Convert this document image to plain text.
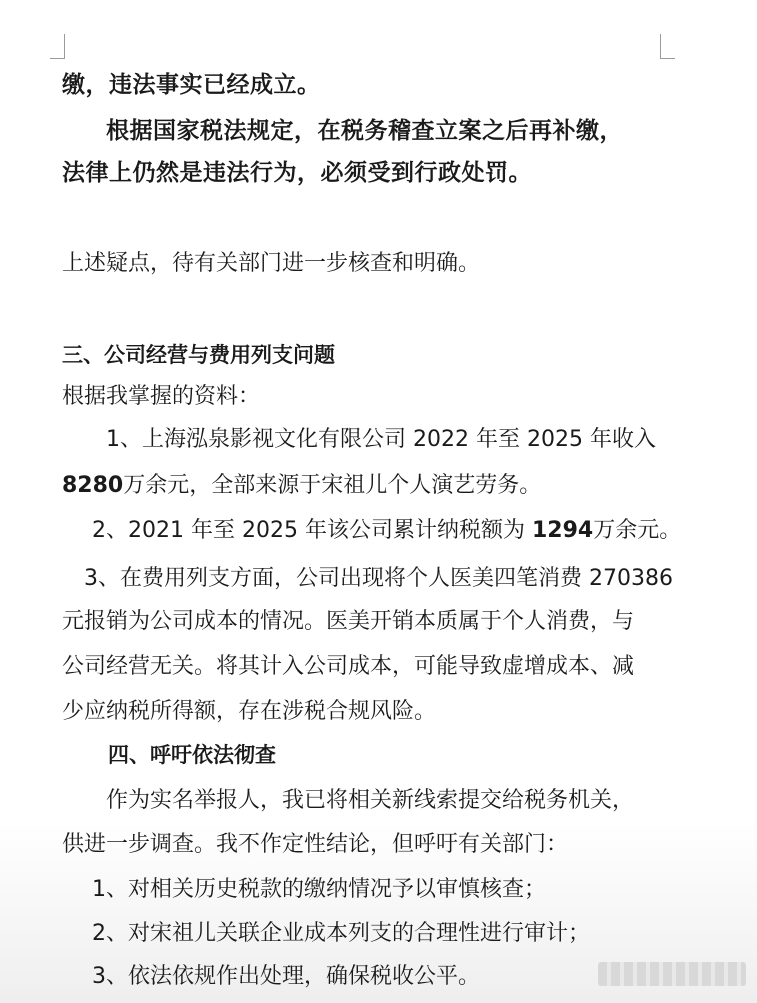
缴，违法事实已经成立。
根据国家税法规定，在税务稽查立案之后再补缴，
法律上仍然是违法行为，必须受到行政处罚。
上述疑点，待有关部门进一步核查和明确。
三、公司经营与费用列支问题
根据我掌握的资料：
1、上海泓泉影视文化有限公司 2022 年至 2025 年收入
8280万余元，全部来源于宋祖儿个人演艺劳务。
2、2021 年至 2025 年该公司累计纳税额为 1294万余元。
3、在费用列支方面，公司出现将个人医美四笔消费 270386
元报销为公司成本的情况。医美开销本质属于个人消费，与
公司经营无关。将其计入公司成本，可能导致虚增成本、减
少应纳税所得额，存在涉税合规风险。
四、呼吁依法彻查
作为实名举报人，我已将相关新线索提交给税务机关，
供进一步调查。我不作定性结论，但呼吁有关部门：
1、对相关历史税款的缴纳情况予以审慎核查；
2、对宋祖儿关联企业成本列支的合理性进行审计；
3、依法依规作出处理，确保税收公平。
